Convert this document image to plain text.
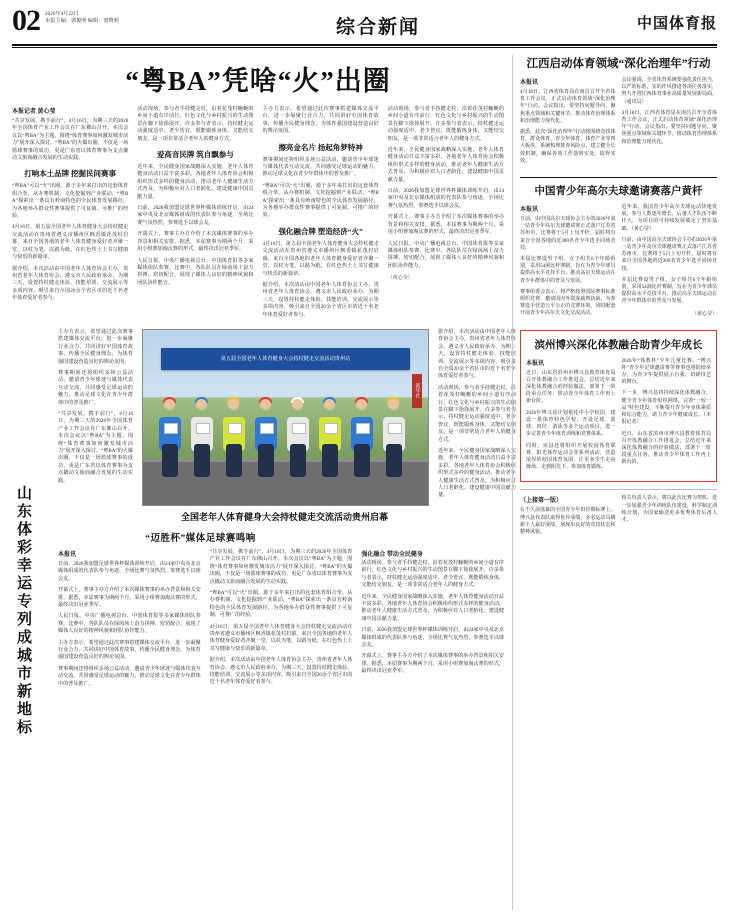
02 2026年4月22日
本报主编：郭俊明 编辑：窦晓莉	综合新闻	中国体育报
“粤BA”凭啥“火”出圈
本报记者 黄心莹

“共享发展，携手前行”，4月16日，为期三天的2026年全国体育产业工作会议在广东佛山召开。本次会议以“粤BA”为主题，围绕“体育赛事如何激发城市活力”展开深入探讨。“粤BA”的火爆出圈，不仅是一场篮球赛事的成功，更是广东省以体育赛事为支点撬动文旅商融合发展的生动实践。

打响本土品牌 挖掘民间赛事

“粤BA”可以“火”出圈，源于多年来打出的这套体育组合拳。从办赛机制、文化挖掘到产业联动，“粤BA”探索出一条具有岭南特色的全民体育发展路径，为各地举办群众性赛事提供了可复制、可推广的经验。

4月16日，第五届全国老年人体育健身大会持杖健走交流活动在贵州省遵义市播州区枫香镇花茂村启幕，来自全国各地的老年人体育健身爱好者齐聚一堂，以杖为笔，以路为纸，在红色热土上书写健康与快乐的新篇章。

据介绍，本次活动由中国老年人体育协会主办，贵州省老年人体育协会、遵义市人民政府承办，为期三天，设置持杖健走体验、技能培训、交流展示等多项内容，吸引来自全国20余个省区市的近千名老年体育爱好者参与。

活动现场，参与者手持健走杖，沿着花茂村蜿蜒的乡间小道有序前行，红色文化与乡村振兴的生动图景在脚下徐徐展开。许多参与者表示，持杖健走运动强度适中、老少皆宜，既能锻炼身体，又能结交朋友，是一项非常适合老年人的健身方式。

爱高音民牌 筑自飘参与

近年来，全民健身国家战略深入实施，老年人体育健身活动日益丰富多彩。各地老年人体育协会积极组织形式多样的健身活动，推动老年人健康生活方式普及，为积极应对人口老龄化、建设健康中国贡献力量。

日前，2026我加盟足球世界杯媒体训练开启，由24家中央及北京媒体组成的代表队参与角逐，全场比赛气氛热烈，参赛选手以球会友。

开幕式上，赛事主办方介绍了本次媒体赛事的举办背景和相关安排。据悉，本届赛事为期两个月，采用小组赛加淘汰赛的形式，最终决出冠亚季军。

人民日报、中央广播电视总台、中国体育报等多家媒体组队参赛。比赛中，各队队员在绿茵场上奋力拼搏、密切配合，展现了媒体人良好的精神风貌和团队协作能力。

主办方表示，希望通过此次赛事搭建媒体交流平台，进一步凝聚行业合力，共同讲好中国体育故事，传播全民健身理念，为体育强国建设营造良好的舆论氛围。

擦亮金名片 扬起角梦特神

赛事期间还将组织多场公益活动，邀请青少年球迷与媒体代表互动交流，共同感受足球运动的魅力，推动足球文化在青少年群体中的普及推广。

“粤BA”可以“火”出圈，源于多年来打出的这套体育组合拳。从办赛机制、文化挖掘到产业联动，“粤BA”探索出一条具有岭南特色的全民体育发展路径，为各地举办群众性赛事提供了可复制、可推广的经验。

强化融合牌 塑造经济“火”

4月16日，第五届全国老年人体育健身大会持杖健走交流活动在贵州省遵义市播州区枫香镇花茂村启幕，来自全国各地的老年人体育健身爱好者齐聚一堂，以杖为笔，以路为纸，在红色热土上书写健康与快乐的新篇章。

据介绍，本次活动由中国老年人体育协会主办，贵州省老年人体育协会、遵义市人民政府承办，为期三天，设置持杖健走体验、技能培训、交流展示等多项内容，吸引来自全国20余个省区市的近千名老年体育爱好者参与。

活动现场，参与者手持健走杖，沿着花茂村蜿蜒的乡间小道有序前行，红色文化与乡村振兴的生动图景在脚下徐徐展开。许多参与者表示，持杖健走运动强度适中、老少皆宜，既能锻炼身体，又能结交朋友，是一项非常适合老年人的健身方式。

近年来，全民健身国家战略深入实施，老年人体育健身活动日益丰富多彩。各地老年人体育协会积极组织形式多样的健身活动，推动老年人健康生活方式普及，为积极应对人口老龄化、建设健康中国贡献力量。

日前，2026我加盟足球世界杯媒体训练开启，由24家中央及北京媒体组成的代表队参与角逐，全场比赛气氛热烈，参赛选手以球会友。

开幕式上，赛事主办方介绍了本次媒体赛事的举办背景和相关安排。据悉，本届赛事为期两个月，采用小组赛加淘汰赛的形式，最终决出冠亚季军。

人民日报、中央广播电视总台、中国体育报等多家媒体组队参赛。比赛中，各队队员在绿茵场上奋力拼搏、密切配合，展现了媒体人良好的精神风貌和团队协作能力。

（黄心莹）
山东体彩幸运专列成城市新地标

主办方表示，希望通过此次赛事搭建媒体交流平台，进一步凝聚行业合力，共同讲好中国体育故事，传播全民健身理念，为体育强国建设营造良好的舆论氛围。

赛事期间还将组织多场公益活动，邀请青少年球迷与媒体代表互动交流，共同感受足球运动的魅力，推动足球文化在青少年群体中的普及推广。

“共享发展，携手前行”，4月16日，为期三天的2026年全国体育产业工作会议在广东佛山召开。本次会议以“粤BA”为主题，围绕“体育赛事如何激发城市活力”展开深入探讨。“粤BA”的火爆出圈，不仅是一场篮球赛事的成功，更是广东省以体育赛事为支点撬动文旅商融合发展的生动实践。

第五届全国老年人体育健身大会持杖健走交流活动贵州站
新华社
全国老年人体育健身大会持杖健走交流活动贵州启幕

据介绍，本次活动由中国老年人体育协会主办，贵州省老年人体育协会、遵义市人民政府承办，为期三天，设置持杖健走体验、技能培训、交流展示等多项内容，吸引来自全国20余个省区市的近千名老年体育爱好者参与。

活动现场，参与者手持健走杖，沿着花茂村蜿蜒的乡间小道有序前行，红色文化与乡村振兴的生动图景在脚下徐徐展开。许多参与者表示，持杖健走运动强度适中、老少皆宜，既能锻炼身体，又能结交朋友，是一项非常适合老年人的健身方式。

近年来，全民健身国家战略深入实施，老年人体育健身活动日益丰富多彩。各地老年人体育协会积极组织形式多样的健身活动，推动老年人健康生活方式普及，为积极应对人口老龄化、建设健康中国贡献力量。

“迈胜杯”媒体足球赛鸣响
本报讯

日前，2026我加盟足球世界杯媒体训练开启，由24家中央及北京媒体组成的代表队参与角逐，全场比赛气氛热烈，参赛选手以球会友。

开幕式上，赛事主办方介绍了本次媒体赛事的举办背景和相关安排。据悉，本届赛事为期两个月，采用小组赛加淘汰赛的形式，最终决出冠亚季军。

人民日报、中央广播电视总台、中国体育报等多家媒体组队参赛。比赛中，各队队员在绿茵场上奋力拼搏、密切配合，展现了媒体人良好的精神风貌和团队协作能力。

主办方表示，希望通过此次赛事搭建媒体交流平台，进一步凝聚行业合力，共同讲好中国体育故事，传播全民健身理念，为体育强国建设营造良好的舆论氛围。

赛事期间还将组织多场公益活动，邀请青少年球迷与媒体代表互动交流，共同感受足球运动的魅力，推动足球文化在青少年群体中的普及推广。

“共享发展，携手前行”，4月16日，为期三天的2026年全国体育产业工作会议在广东佛山召开。本次会议以“粤BA”为主题，围绕“体育赛事如何激发城市活力”展开深入探讨。“粤BA”的火爆出圈，不仅是一场篮球赛事的成功，更是广东省以体育赛事为支点撬动文旅商融合发展的生动实践。

“粤BA”可以“火”出圈，源于多年来打出的这套体育组合拳。从办赛机制、文化挖掘到产业联动，“粤BA”探索出一条具有岭南特色的全民体育发展路径，为各地举办群众性赛事提供了可复制、可推广的经验。

4月16日，第五届全国老年人体育健身大会持杖健走交流活动在贵州省遵义市播州区枫香镇花茂村启幕，来自全国各地的老年人体育健身爱好者齐聚一堂，以杖为笔，以路为纸，在红色热土上书写健康与快乐的新篇章。

据介绍，本次活动由中国老年人体育协会主办，贵州省老年人体育协会、遵义市人民政府承办，为期三天，设置持杖健走体验、技能培训、交流展示等多项内容，吸引来自全国20余个省区市的近千名老年体育爱好者参与。

强化融合 带动全民健身

活动现场，参与者手持健走杖，沿着花茂村蜿蜒的乡间小道有序前行，红色文化与乡村振兴的生动图景在脚下徐徐展开。许多参与者表示，持杖健走运动强度适中、老少皆宜，既能锻炼身体，又能结交朋友，是一项非常适合老年人的健身方式。

近年来，全民健身国家战略深入实施，老年人体育健身活动日益丰富多彩。各地老年人体育协会积极组织形式多样的健身活动，推动老年人健康生活方式普及，为积极应对人口老龄化、建设健康中国贡献力量。

日前，2026我加盟足球世界杯媒体训练开启，由24家中央及北京媒体组成的代表队参与角逐，全场比赛气氛热烈，参赛选手以球会友。

开幕式上，赛事主办方介绍了本次媒体赛事的举办背景和相关安排。据悉，本届赛事为期两个月，采用小组赛加淘汰赛的形式，最终决出冠亚季军。

江西启动体育领域“深化治理年”行动
本报讯

4月18日，江西省体育局在南昌召开全省体育工作会议，正式启动体育领域“深化治理年”行动。会议指出，要坚持问题导向，聚焦重点领域和关键环节，推动体育治理体系和治理能力现代化。

据悉，此次“深化治理年”行动将围绕竞技体育、群众体育、青少年体育、体育产业等四大板块，系统梳理排查风险点，建立健全长效机制，确保各项工作落到实处、取得实效。

会议强调，全省体育系统要强化责任担当，以严的标准、实的作风推进各项任务落实，努力开创江西体育事业高质量发展新局面。（通讯员）

4月18日，江西省体育局在南昌召开全省体育工作会议，正式启动体育领域“深化治理年”行动。会议指出，要坚持问题导向，聚焦重点领域和关键环节，推动体育治理体系和治理能力现代化。

中国青少年高尔夫球邀请赛落户黄杆
本报讯

日前，由中国高尔夫球协会主办的2026年第一站青少年高尔夫球邀请赛正式落户江苏省苏州市，比赛将于5月上旬开杆，届时将有来自全国各地的近300名青少年选手同场竞技。

本届比赛设男子组、女子组共6个年龄组别，采用54洞比杆赛制，旨在为青少年球员提供高水平竞技平台，推动高尔夫球运动在青少年群体中的普及与发展。

赛事组委会表示，将严格按照国际赛事标准组织竞赛，邀请国内外资深裁判执裁，为参赛选手营造公平公正的竞赛环境，同时配套开展青少年高尔夫文化交流活动。

近年来，我国青少年高尔夫球运动快速发展，参与人数逐年增长，后备人才队伍不断壮大，为项目的可持续发展奠定了坚实基础。（黄心莹）

日前，由中国高尔夫球协会主办的2026年第一站青少年高尔夫球邀请赛正式落户江苏省苏州市，比赛将于5月上旬开杆，届时将有来自全国各地的近300名青少年选手同场竞技。

本届比赛设男子组、女子组共6个年龄组别，采用54洞比杆赛制，旨在为青少年球员提供高水平竞技平台，推动高尔夫球运动在青少年群体中的普及与发展。

（黄心莹）
滨州博兴深化体教融合助青少年成长
本报讯

近日，山东省滨州市博兴县教育体育局召开体教融合工作推进会，总结近年来深化体教融合的经验做法，部署下一阶段重点任务，推动青少年体育工作再上新台阶。

2026年博兴县计划依托中小学校园，建设一批体育特色学校，开设足球、篮球、田径、游泳等多个运动项目，进一步完善青少年体育训练和竞赛体系。

同时，该县还将组织开展校园体育联赛、阳光体育运动会等系列活动，营造浓厚的校园体育氛围，让更多学生走向操场、走到阳光下、参加体育锻炼。

2026年“体教杯”少年儿童比赛、“博兴杯”青少年足球邀请赛等赛事也将陆续举办，为青少年提供展示自我、切磋技艺的舞台。

下一步，博兴县将持续深化体教融合，健全青少年体育组织网络，完善“一校一品”特色建设，不断提升青少年身体素质和综合能力，助力青少年健康成长。（本报记者）

近日，山东省滨州市博兴县教育体育局召开体教融合工作推进会，总结近年来深化体教融合的经验做法，部署下一阶段重点任务，推动青少年体育工作再上新台阶。

（上接第一版）

在不久前落幕的全国青少年田径锦标赛上，博兴县代表队取得优异成绩，多名运动员刷新个人最好成绩，展现出良好的竞技状态和精神风貌。

相关负责人表示，将以此次比赛为契机，进一步加强青少年训练队伍建设，科学制定训练计划，为国家输送更多优秀体育后备人才。
